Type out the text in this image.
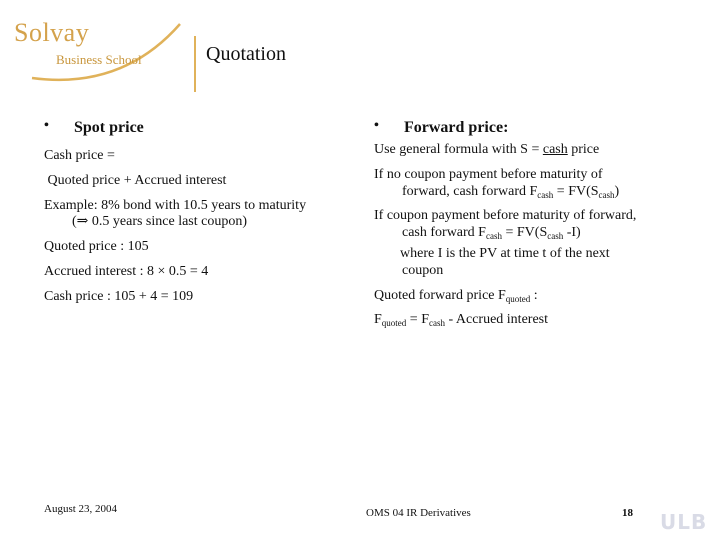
Solvay
Business School	Quotation
• Spot price

Cash price =

Quoted price + Accrued interest

Example: 8% bond with 10.5 years to maturity

(⇒ 0.5 years since last coupon)

Quoted price : 105

Accrued interest : 8 × 0.5 = 4

Cash price : 105 + 4 = 109

• Forward price:

Use general formula with S = cash price

If no coupon payment before maturity of

forward, cash forward $F_{cash} = FV(S_{cash})$

If coupon payment before maturity of forward,

cash forward $F_{cash} = FV(S_{cash}$ -I)

where I is the PV at time t of the next

coupon

Quoted forward price $F_{quoted}$ :

$F_{quoted} = F_{cash}$ - Accrued interest

August 23, 2004	OMS 04 IR Derivatives	18 ULB
